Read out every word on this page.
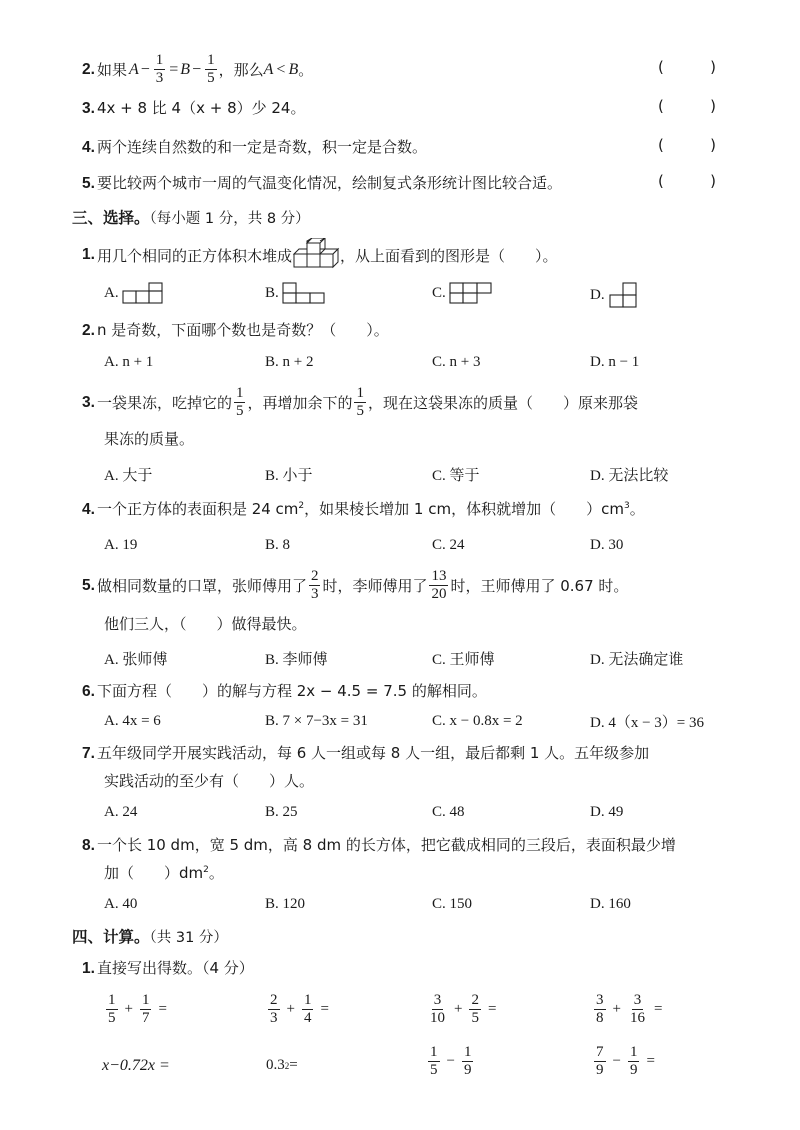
2. 如果 $A - \frac{1}{3} = B - \frac{1}{5}$ ，那么 A < B 。	(	)
3. 4x + 8 比 4（x + 8）少 24。	(	)
4. 两个连续自然数的和一定是奇数，积一定是合数。	(	)
5. 要比较两个城市一周的气温变化情况，绘制复式条形统计图比较合适。	(	)
三、选择。（每小题 1 分，共 8 分）
1. 用几个相同的正方体积木堆成	，从上面看到的图形是（　　）。
A.	B.	C.	D.
2. n 是奇数，下面哪个数也是奇数？（　　）。
A. n + 1	B. n + 2	C. n + 3	D. n − 1
3. 一袋果冻，吃掉它的 $\frac{1}{5}$ ，再增加余下的 $\frac{1}{5}$ ，现在这袋果冻的质量（　　）原来那袋
果冻的质量。
A. 大于	B. 小于	C. 等于	D. 无法比较
4. 一个正方体的表面积是 24 $cm^2$，如果棱长增加 1 cm，体积就增加（　　）$cm^3$。
A. 19	B. 8	C. 24	D. 30
5. 做相同数量的口罩，张师傅用了 $\frac{2}{3}$ 时，李师傅用了 $\frac{13}{20}$ 时，王师傅用了 0.67 时。
他们三人，（　　）做得最快。
A. 张师傅	B. 李师傅	C. 王师傅	D. 无法确定谁
6. 下面方程（　　）的解与方程 2x − 4.5 = 7.5 的解相同。
A. 4x = 6	B. 7 × 7−3x = 31	C. x − 0.8x = 2	D. 4（x − 3）= 36
7. 五年级同学开展实践活动，每 6 人一组或每 8 人一组，最后都剩 1 人。五年级参加
实践活动的至少有（　　）人。
A. 24	B. 25	C. 48	D. 49
8. 一个长 10 dm，宽 5 dm，高 8 dm 的长方体，把它截成相同的三段后，表面积最少增
加（　　）$dm^2$。
A. 40	B. 120	C. 150	D. 160
四、计算。（共 31 分）
1. 直接写出得数。（4 分）
$\frac{1}{5} + \frac{1}{7}$ =	$\frac{2}{3} + \frac{1}{4}$ =	$\frac{3}{10} + \frac{2}{5}$ =	$\frac{3}{8} + \frac{3}{16}$ =
x−0.72x =	0.3 2 =	$\frac{1}{5} - \frac{1}{9}$	$\frac{7}{9} - \frac{1}{9}$ =
